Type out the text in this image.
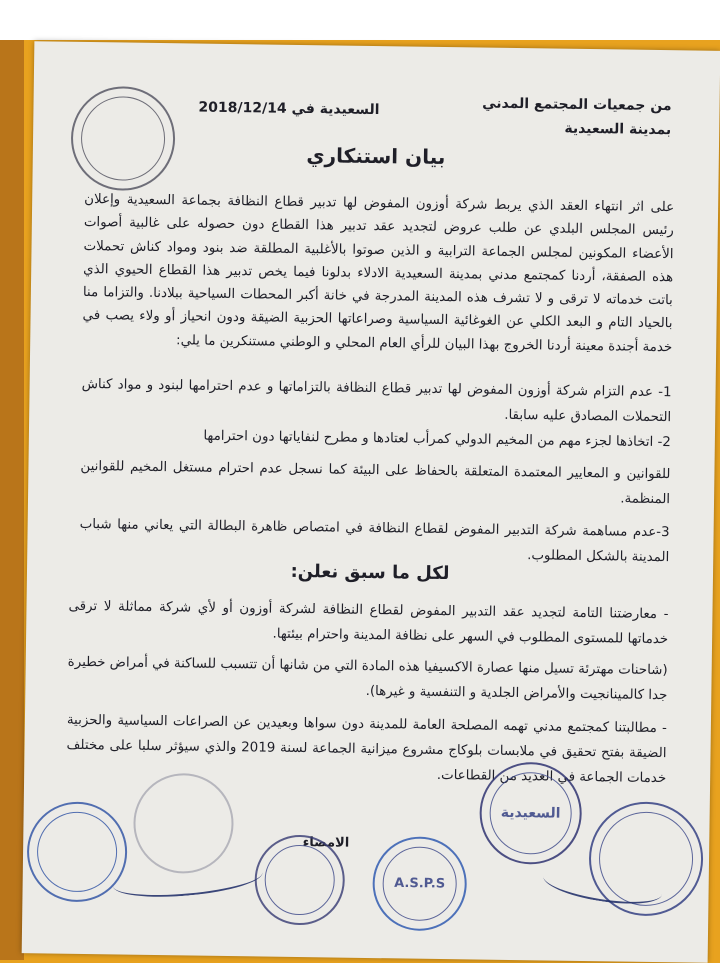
من جمعيات المجتمع المدني
بمدينة السعيدية
السعيدية في 2018/12/14
بيان استنكاري
على اثر انتهاء العقد الذي يربط شركة أوزون المفوض لها تدبير قطاع النظافة بجماعة السعيدية وإعلان رئيس المجلس البلدي عن طلب عروض لتجديد عقد تدبير هذا القطاع دون حصوله على غالبية أصوات الأعضاء المكونين لمجلس الجماعة الترابية و الذين صوتوا بالأغلبية المطلقة ضد بنود ومواد كناش تحملات هذه الصفقة، أردنا كمجتمع مدني بمدينة السعيدية الادلاء بدلونا فيما يخص تدبير هذا القطاع الحيوي الذي باتت خدماته لا ترقى و لا تشرف هذه المدينة المدرجة في خانة أكبر المحطات السياحية ببلادنا. والتزاما منا بالحياد التام و البعد الكلي عن الغوغائية السياسية وصراعاتها الحزبية الضيقة ودون انحياز أو ولاء يصب في خدمة أجندة معينة أردنا الخروج بهذا البيان للرأي العام المحلي و الوطني مستنكرين ما يلي:
1- عدم التزام شركة أوزون المفوض لها تدبير قطاع النظافة بالتزاماتها و عدم احترامها لبنود و مواد كناش التحملات المصادق عليه سابقا.
2- اتخاذها لجزء مهم من المخيم الدولي كمرأب لعتادها و مطرح لنفاياتها دون احترامها
للقوانين و المعايير المعتمدة المتعلقة بالحفاظ على البيئة كما نسجل عدم احترام مستغل المخيم للقوانين المنظمة.
3-عدم مساهمة شركة التدبير المفوض لقطاع النظافة في امتصاص ظاهرة البطالة التي يعاني منها شباب المدينة بالشكل المطلوب.
لكل ما سبق نعلن:
- معارضتنا التامة لتجديد عقد التدبير المفوض لقطاع النظافة لشركة أوزون أو لأي شركة مماثلة لا ترقى خدماتها للمستوى المطلوب في السهر على نظافة المدينة واحترام بيئتها.
(شاحنات مهترئة تسيل منها عصارة الاكسيفيا هذه المادة التي من شانها أن تتسبب للساكنة في أمراض خطيرة جدا كالمينانجيت والأمراض الجلدية و التنفسية و غيرها).
- مطالبتنا كمجتمع مدني تهمه المصلحة العامة للمدينة دون سواها وبعيدين عن الصراعات السياسية والحزبية الضيقة بفتح تحقيق في ملابسات بلوكاج مشروع ميزانية الجماعة لسنة 2019 والذي سيؤثر سلبا على مختلف خدمات الجماعة في العديد من القطاعات.
الامضاء
A.S.P.S
السعيدية
